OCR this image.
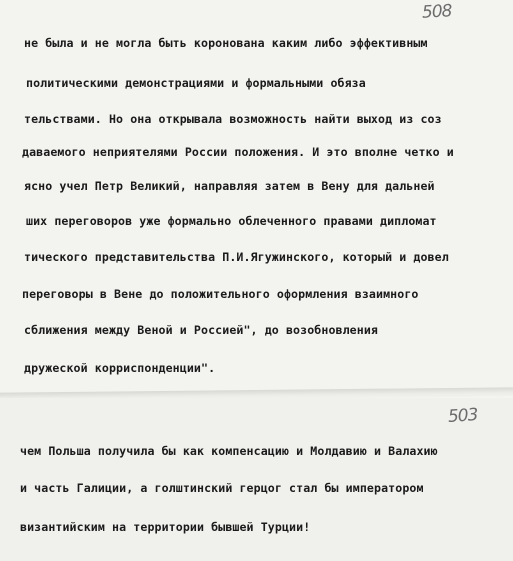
508
503
не была и не могла быть коронована каким либо эффективным
политическими демонстрациями и формальными обяза
тельствами. Но она открывала возможность найти выход из соз
даваемого неприятелями России положения. И это вполне четко и
ясно учел Петр Великий, направляя затем в Вену для дальней
ших переговоров уже формально облеченного правами дипломат
тического представительства П.И.Ягужинского, который и довел
переговоры в Вене до положительного оформления взаимного
сближения между Веной и Россией", до возобновления
дружеской корриспонденции".
чем Польша получила бы как компенсацию и Молдавию и Валахию
и часть Галиции, а голштинский герцог стал бы императором
византийским на территории бывшей Турции!
